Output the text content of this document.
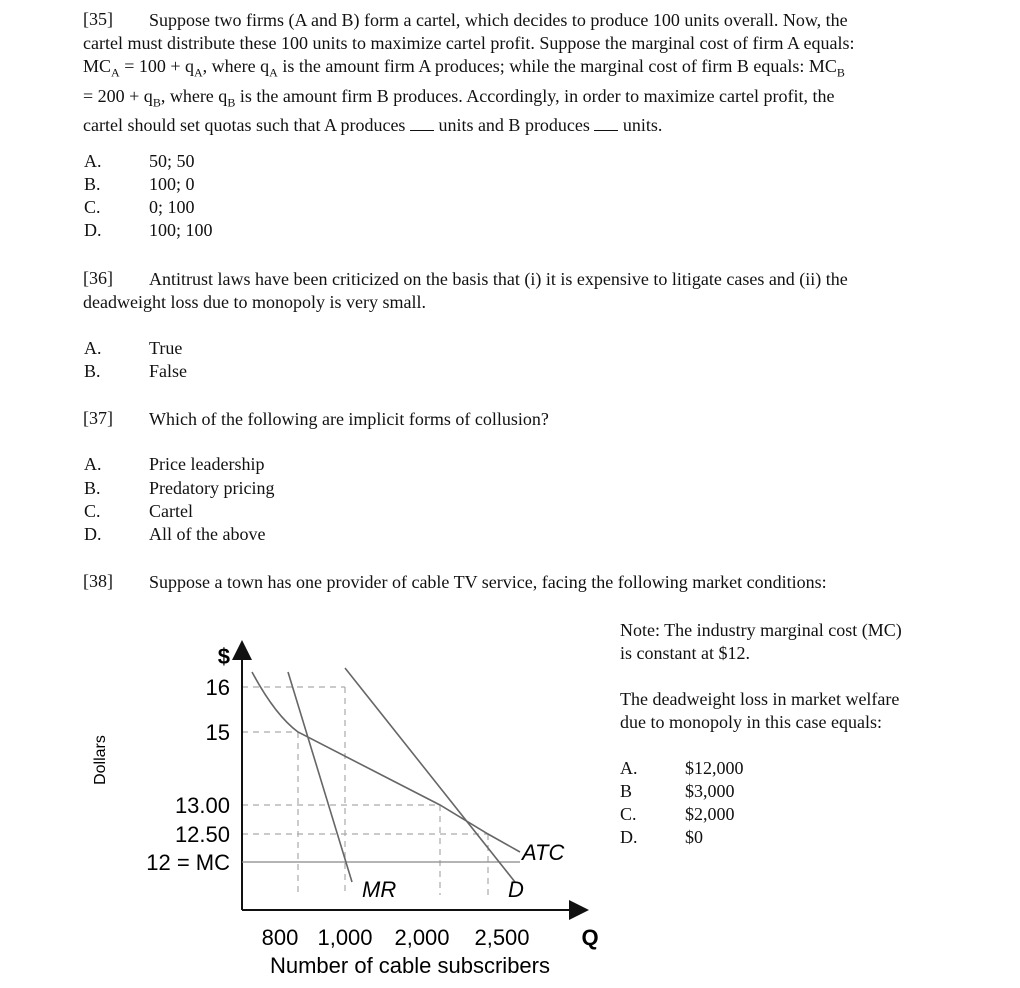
[35]	Suppose two firms (A and B) form a cartel, which decides to produce 100 units overall. Now, the
cartel must distribute these 100 units to maximize cartel profit. Suppose the marginal cost of firm A equals:
$MC_A = 100 + q_A$, where $q_A$ is the amount firm A produces; while the marginal cost of firm B equals: $MC_B$
= $200 + q_B$, where $q_B$ is the amount firm B produces. Accordingly, in order to maximize cartel profit, the
cartel should set quotas such that A produces  units and B produces  units.
A.	50; 50
B.	100; 0
C.	0; 100
D.	100; 100
[36]	Antitrust laws have been criticized on the basis that (i) it is expensive to litigate cases and (ii) the
deadweight loss due to monopoly is very small.
A.	True
B.	False
[37] Which of the following are implicit forms of collusion?
A.	Price leadership
B.	Predatory pricing
C.	Cartel
D.	All of the above
[38] Suppose a town has one provider of cable TV service, facing the following market conditions:
Note: The industry marginal cost (MC)
is constant at $12.
The deadweight loss in market welfare
due to monopoly in this case equals:
A.	$12,000
B	$3,000
C.	$2,000
D.	$0
$
16
15
13.00
12.50
12 = MC
Dollars
800 1,000 2,000 2,500 Q
Number of cable subscribers
ATC
MR	D
